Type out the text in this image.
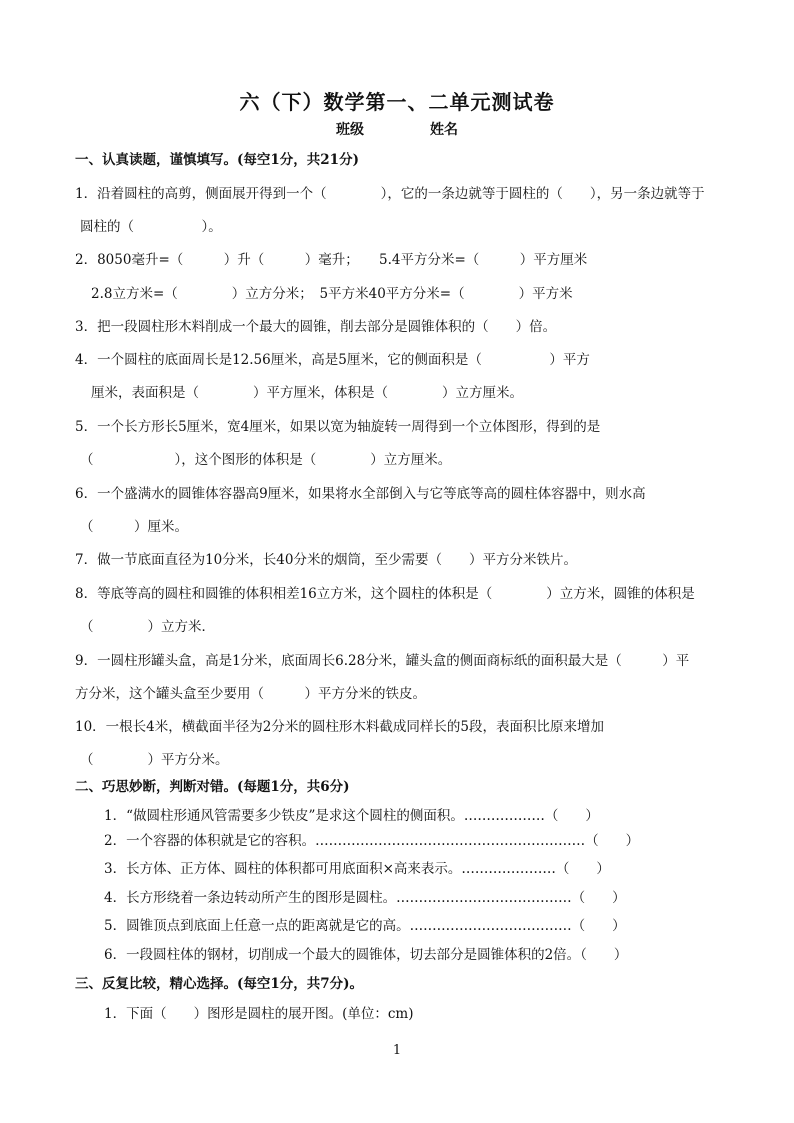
六（下）数学第一、二单元测试卷
班级	姓名
一、认真读题，谨慎填写。(每空1分，共21分)
1．沿着圆柱的高剪，侧面展开得到一个（　　　　），它的一条边就等于圆柱的（　　），另一条边就等于
圆柱的（　　　　　）。
2．8050毫升=（　　　）升（　　　）毫升；　　5.4平方分米=（　　　）平方厘米
2.8立方米=（　　　　）立方分米；　5平方米40平方分米=（　　　　）平方米
3．把一段圆柱形木料削成一个最大的圆锥，削去部分是圆锥体积的（　　）倍。
4．一个圆柱的底面周长是12.56厘米，高是5厘米，它的侧面积是（　　　　　）平方
厘米，表面积是（　　　　）平方厘米，体积是（　　　　）立方厘米。
5．一个长方形长5厘米，宽4厘米，如果以宽为轴旋转一周得到一个立体图形，得到的是
（　　　　　　），这个图形的体积是（　　　　）立方厘米。
6．一个盛满水的圆锥体容器高9厘米，如果将水全部倒入与它等底等高的圆柱体容器中，则水高
（　　　）厘米。
7．做一节底面直径为10分米，长40分米的烟筒，至少需要（　　）平方分米铁片。
8．等底等高的圆柱和圆锥的体积相差16立方米，这个圆柱的体积是（　　　　）立方米，圆锥的体积是
（　　　　）立方米．
9．一圆柱形罐头盒，高是1分米，底面周长6.28分米，罐头盒的侧面商标纸的面积最大是（　　　）平
方分米，这个罐头盒至少要用（　　　）平方分米的铁皮。
10．一根长4米，横截面半径为2分米的圆柱形木料截成同样长的5段，表面积比原来增加
（　　　　）平方分米。
二、巧思妙断，判断对错。(每题1分，共6分)
1．“做圆柱形通风管需要多少铁皮”是求这个圆柱的侧面积。………………（　　）
2．一个容器的体积就是它的容积。……………………………………………………（　　）
3．长方体、正方体、圆柱的体积都可用底面积×高来表示。…………………（　　）
4．长方形绕着一条边转动所产生的图形是圆柱。…………………………………（　　）
5．圆锥顶点到底面上任意一点的距离就是它的高。………………………………（　　）
6．一段圆柱体的钢材，切削成一个最大的圆锥体，切去部分是圆锥体积的2倍。（　　）
三、反复比较，精心选择。(每空1分，共7分)。
1．下面（　　）图形是圆柱的展开图。(单位：cm)
1
